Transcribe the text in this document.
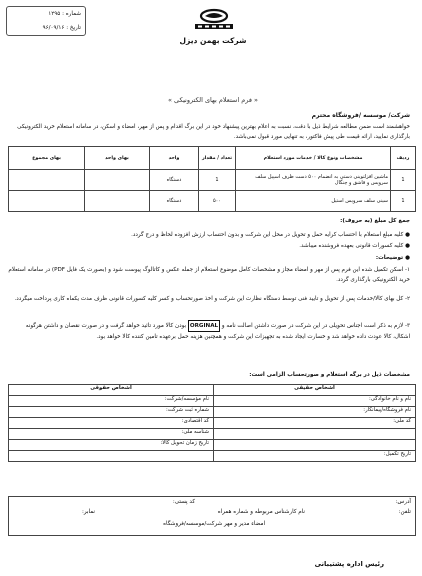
شماره : ۱۲۹۵
تاریخ : ۹۶/۰۹/۱۶
شرکت بهمن دیزل
« فرم استعلام بهای الکترونیکی »
شرکت/ موسسه /فروشگاه محترم
خواهشمند است ضمن مطالعه شرایط ذیل با دقت، نسبت به اعلام بهترین پیشنهاد خود در این برگ اقدام و پس از مهر، امضاء و اسکن، در سامانه استعلام خرید الکترونیکی بارگذاری نمایید، ارائه قیمت طی پیش فاکتور، به تنهایی مورد قبول نمی‌باشد.
ردیف	مشخصات ونوع کالا / خدمات مورد استعلام	تعداد / مقدار	واحد	بهای واحد	بهای مجموع
1	ماشین افزلتوینی دستی به انضمام ۵۰۰ دست ظرف اسپیل سلف سرویس و قاشق و چنگال	1	دستگاه		
1	سینی سلف سرویس استیل	۵۰۰	دستگاه		
جمع کل مبلغ (به حروف):
● کلیه مبلغ استعلام با احتساب کرایه حمل و تحویل در محل این شرکت و بدون احتساب ارزش افزوده لحاظ و درج گردد.
● کلیه کسورات قانونی بعهده فروشنده میباشد.
● توضیحات:
۱- اسکن تکمیل شده این فرم پس از مهر و امضاء مجاز و مشخصات کامل موضوع استعلام از جمله عکس و کاتالوگ پیوست شود و (بصورت یک فایل PDF) در سامانه استعلام خرید الکترونیکی بارگذاری گردد.
۲- کل بهای کالا/خدمات پس از تحویل و تایید فنی توسط دستگاه نظارت این شرکت و اخذ صورتحساب و کسر کلیه کسورات قانونی ظرف مدت یکماه کاری پرداخت میگردد.
۳- لازم به ذکر است اجناس تحویلی در این شرکت در صورت داشتن اصالت نامه و ORGINAL بودن کالا مورد تائید خواهد گرفت و در صورت نقصان و داشتن هرگونه اشکال، کالا عودت داده خواهد شد و خسارت ایجاد شده به تجهیزات این شرکت و همچنین هزینه حمل برعهده تامین کننده کالا خواهد بود.
مشخصات ذیل در برگه استعلام و صورتحساب الزامی است:
اشخاص حقیقی	اشخاص حقوقی
نام و نام خانوادگی:	نام مؤسسه/شرکت:
نام فروشگاه/پیمانکار:	شماره ثبت شرکت:
کد ملی:	کد اقتصادی:
	شناسه ملی:
	تاریخ زمان تحویل کالا:
تاریخ تکمیل:	
آدرس:
کد پستی:
تلفن:
نام کارشناس مربوطه و شماره همراه
نمابر:
امضاء مدیر و مهر شرکت/موسسه/فروشگاه
رئیس اداره پشتیبانی
